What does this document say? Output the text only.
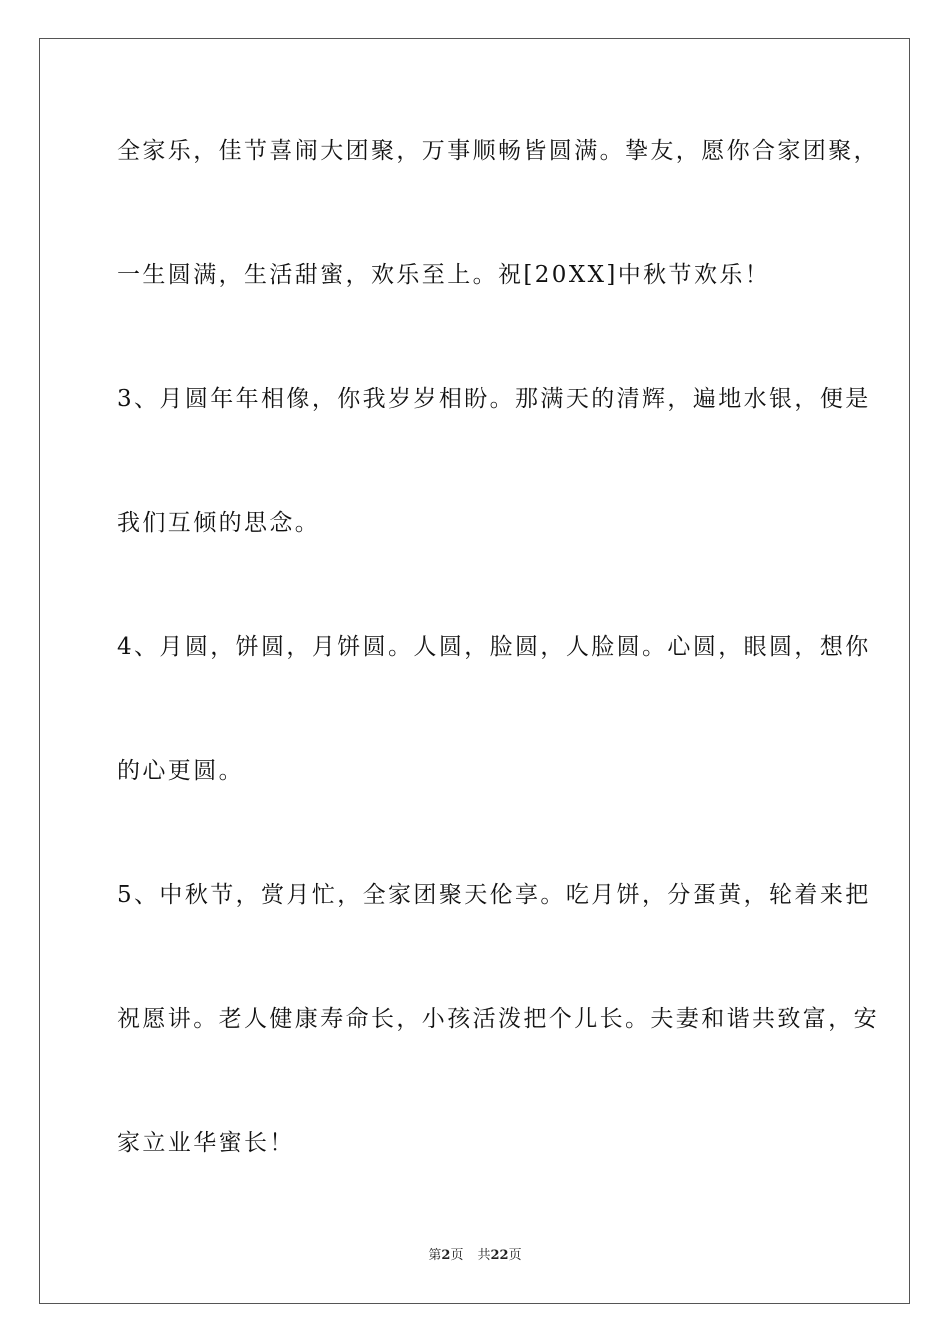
全家乐，佳节喜闹大团聚，万事顺畅皆圆满。挚友，愿你合家团聚，
一生圆满，生活甜蜜，欢乐至上。祝[20XX]中秋节欢乐！
3、月圆年年相像，你我岁岁相盼。那满天的清辉，遍地水银，便是
我们互倾的思念。
4、月圆，饼圆，月饼圆。人圆，脸圆，人脸圆。心圆，眼圆，想你
的心更圆。
5、中秋节，赏月忙，全家团聚天伦享。吃月饼，分蛋黄，轮着来把
祝愿讲。老人健康寿命长，小孩活泼把个儿长。夫妻和谐共致富，安
家立业华蜜长！
第2页 共22页
